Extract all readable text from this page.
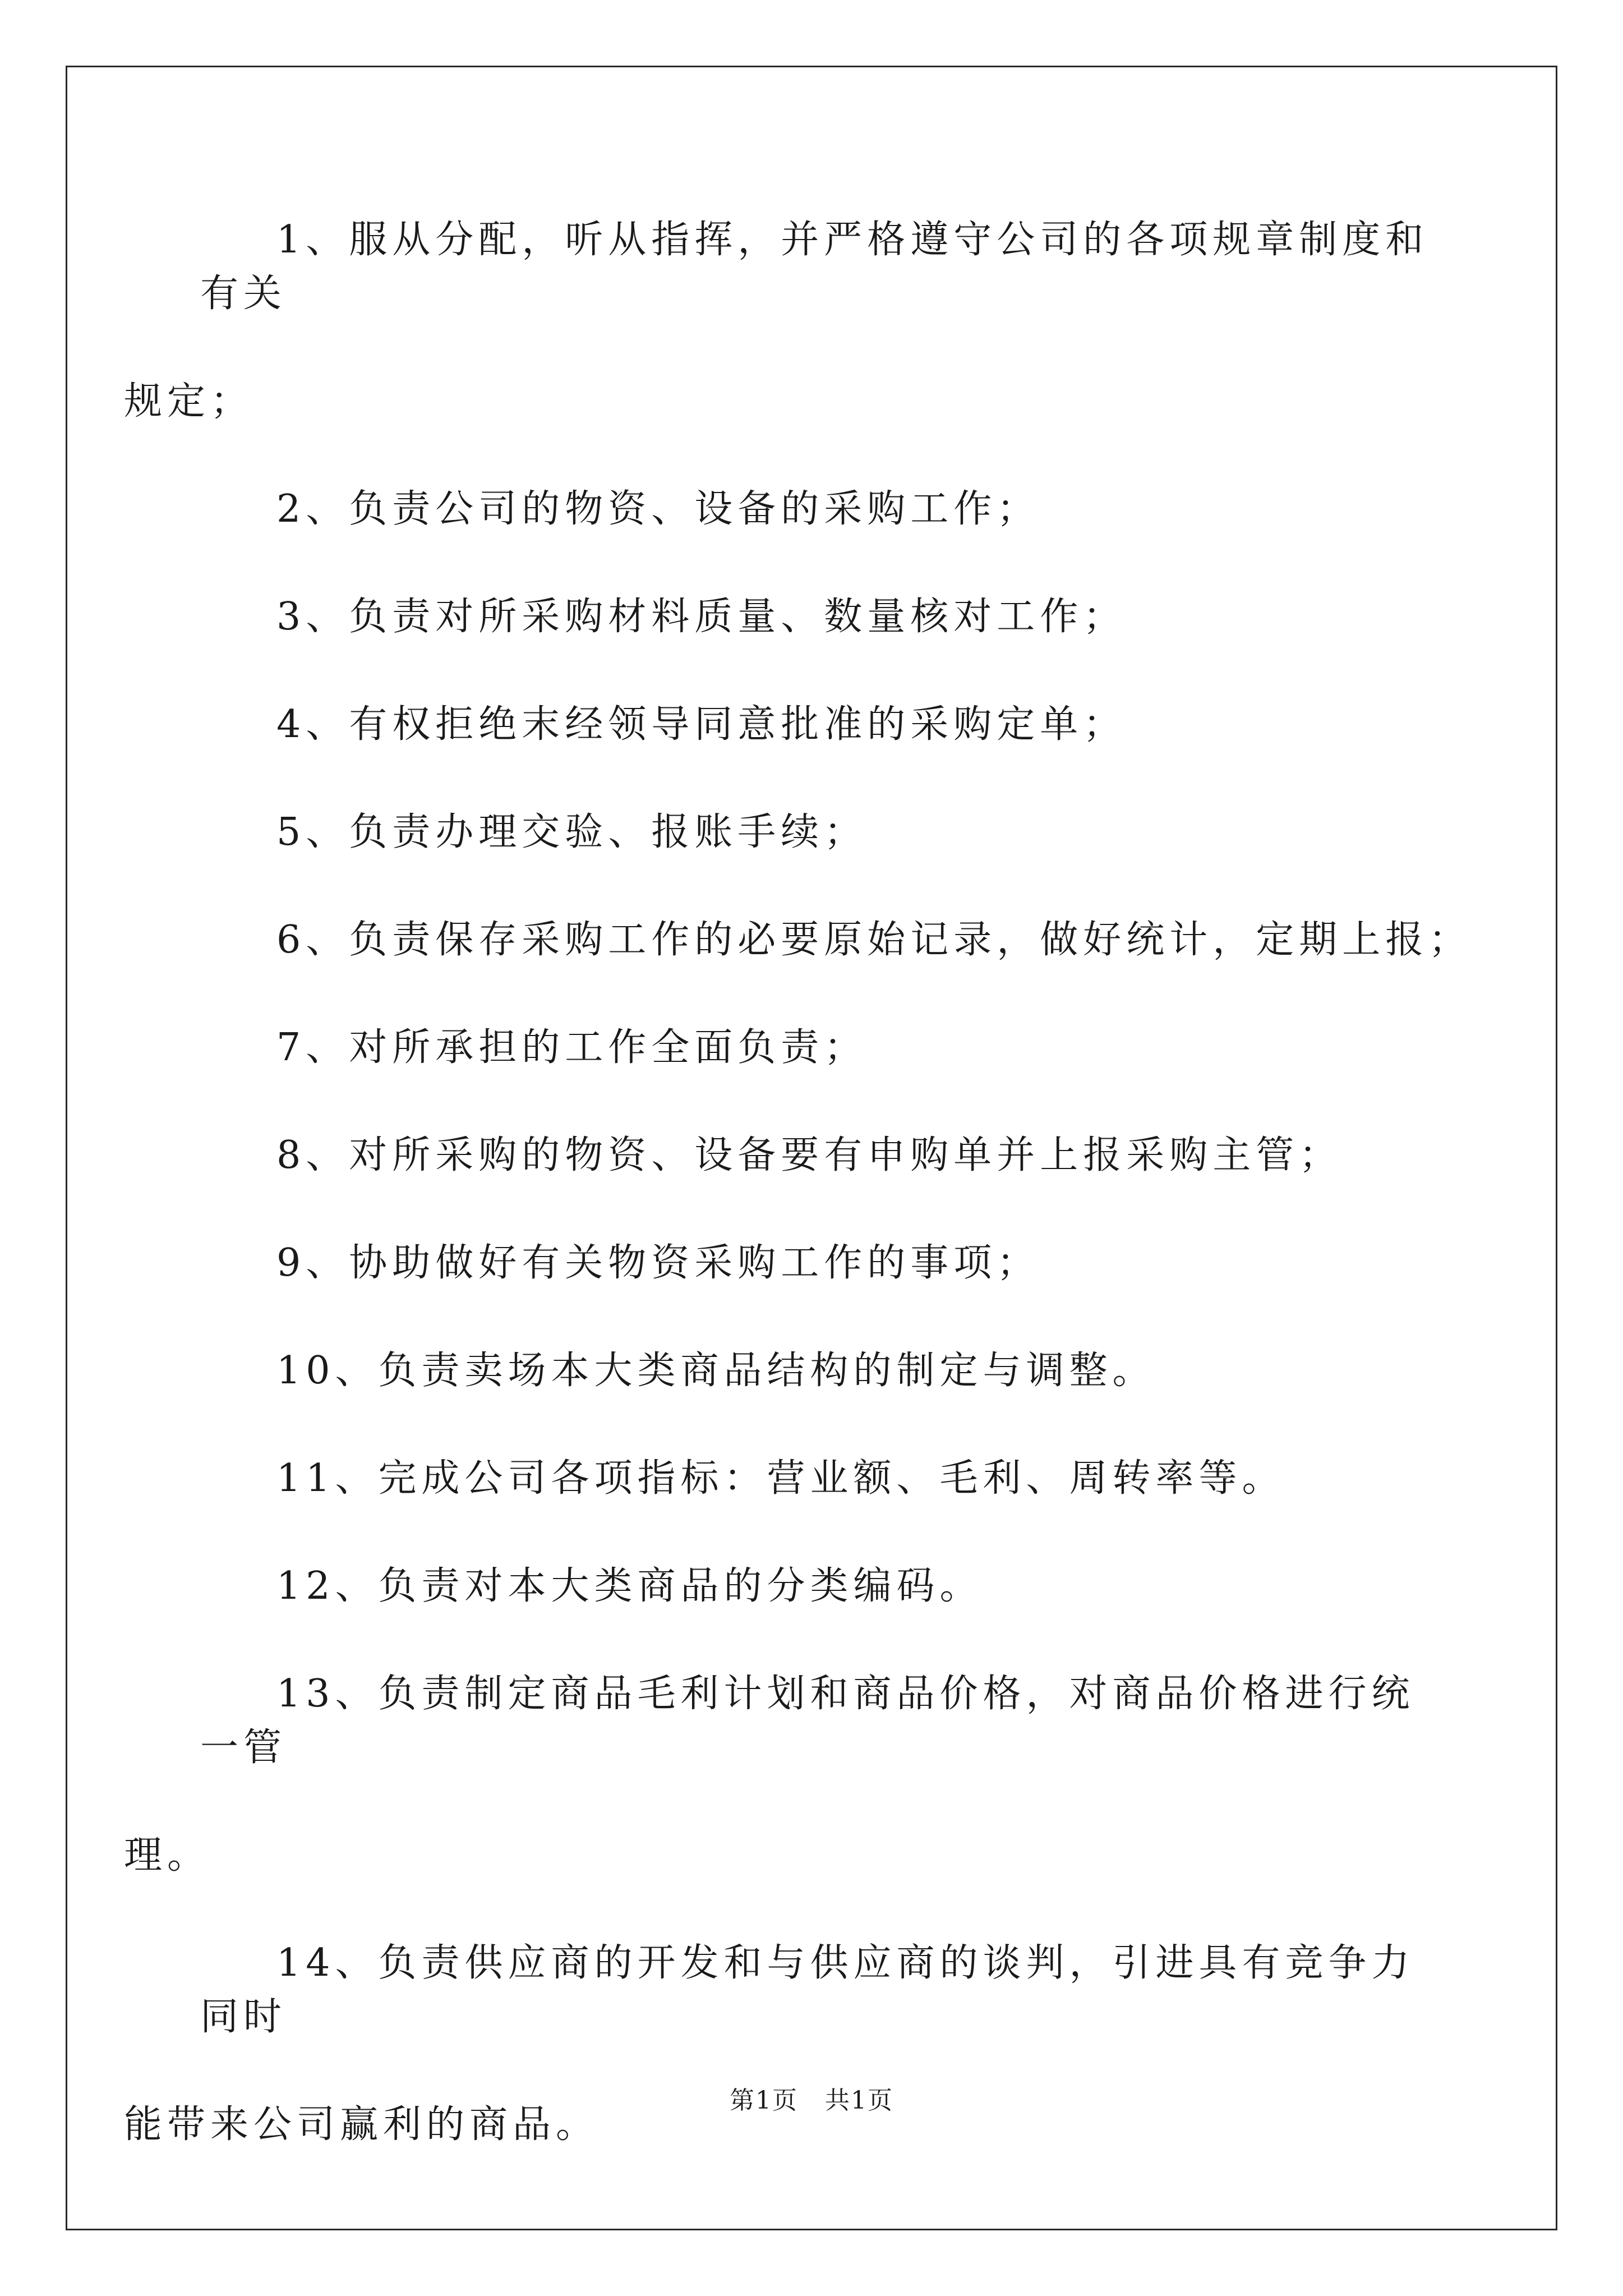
1、服从分配，听从指挥，并严格遵守公司的各项规章制度和有关
规定；

2、负责公司的物资、设备的采购工作；

3、负责对所采购材料质量、数量核对工作；

4、有权拒绝末经领导同意批准的采购定单；

5、负责办理交验、报账手续；

6、负责保存采购工作的必要原始记录，做好统计，定期上报；

7、对所承担的工作全面负责；

8、对所采购的物资、设备要有申购单并上报采购主管；

9、协助做好有关物资采购工作的事项；

10、负责卖场本大类商品结构的制定与调整。

11、完成公司各项指标：营业额、毛利、周转率等。

12、负责对本大类商品的分类编码。

13、负责制定商品毛利计划和商品价格，对商品价格进行统一管
理。

14、负责供应商的开发和与供应商的谈判，引进具有竞争力同时
能带来公司赢利的商品。

第1页 共1页
